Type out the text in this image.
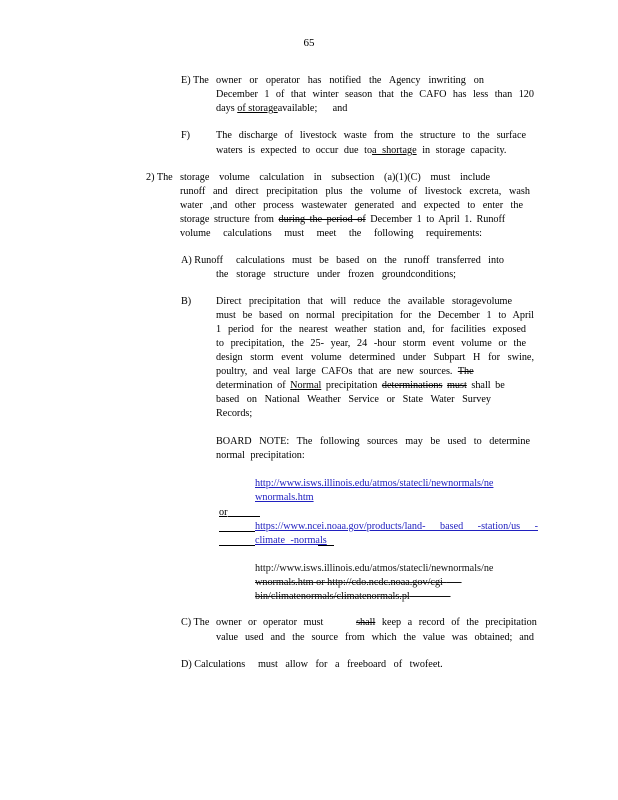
65
E) The owner or operator has notified the Agency inwriting on
December 1 of that winter season that the CAFO has less than 120
days of storageavailable; and
F)	The discharge of livestock waste from the structure to the surface
waters is expected to occur due toa shortage in storage capacity.
2) The storage volume calculation in subsection (a)(1)(C) must include
runoff and direct precipitation plus the volume of livestock excreta, wash
water ,and other process wastewater generated and expected to enter the
storage structure from during the period of December 1 to April 1. Runoff
volume calculations must meet the following requirements:
A) Runoff calculations must be based on the runoff transferred into
the storage structure under frozen groundconditions;
B) Direct precipitation that will reduce the available storagevolume
must be based on normal precipitation for the December 1 to April
1 period for the nearest weather station and, for facilities exposed
to precipitation, the 25- year, 24 -hour storm event volume or the
design storm event volume determined under Subpart H for swine,
poultry, and veal large CAFOs that are new sources. The
determination of Normal precipitation determinations must shall be
based on National Weather Service or State Water Survey
Records;
BOARD NOTE: The following sources may be used to determine
normal precipitation:
http://www.isws.illinois.edu/atmos/statecli/newnormals/ne
wnormals.htm
or
https://www.ncei.noaa.gov/products/land- based -station/us -
climate -normals
http://www.isws.illinois.edu/atmos/statecli/newnormals/ne
wnormals.htm or http://cdo.ncdc.noaa.gov/cgi-
bin/climatenormals/climatenormals.pl
C) The owner or operator must	shall keep a record of the precipitation
value used and the source from which the value was obtained; and
D) Calculations must allow for a freeboard of twofeet.
